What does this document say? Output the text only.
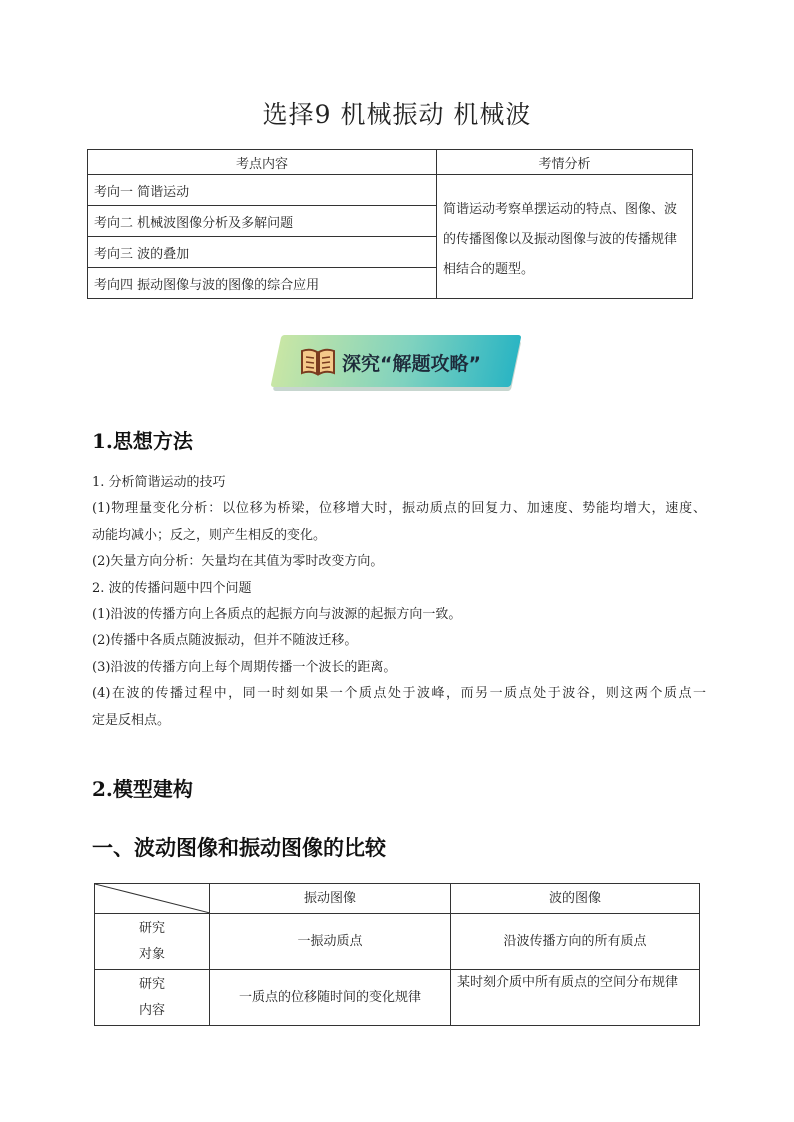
选择9 机械振动 机械波
考点内容	考情分析
考向一 简谐运动	简谐运动考察单摆运动的特点、图像、波的传播图像以及振动图像与波的传播规律相结合的题型。
考向二 机械波图像分析及多解问题	
考向三 波的叠加	
考向四 振动图像与波的图像的综合应用	
深究“解题攻略”
1.思想方法

1. 分析简谐运动的技巧

(1)物理量变化分析：以位移为桥梁，位移增大时，振动质点的回复力、加速度、势能均增大，速度、

动能均减小；反之，则产生相反的变化。

(2)矢量方向分析：矢量均在其值为零时改变方向。

2. 波的传播问题中四个问题

(1)沿波的传播方向上各质点的起振方向与波源的起振方向一致。

(2)传播中各质点随波振动，但并不随波迁移。

(3)沿波的传播方向上每个周期传播一个波长的距离。

(4)在波的传播过程中，同一时刻如果一个质点处于波峰，而另一质点处于波谷，则这两个质点一

定是反相点。

2.模型建构
一、波动图像和振动图像的比较
	振动图像	波的图像

研究
对象	一振动质点	沿波传播方向的所有质点

研究
内容	一质点的位移随时间的变化规律	某时刻介质中所有质点的空间分布规律
